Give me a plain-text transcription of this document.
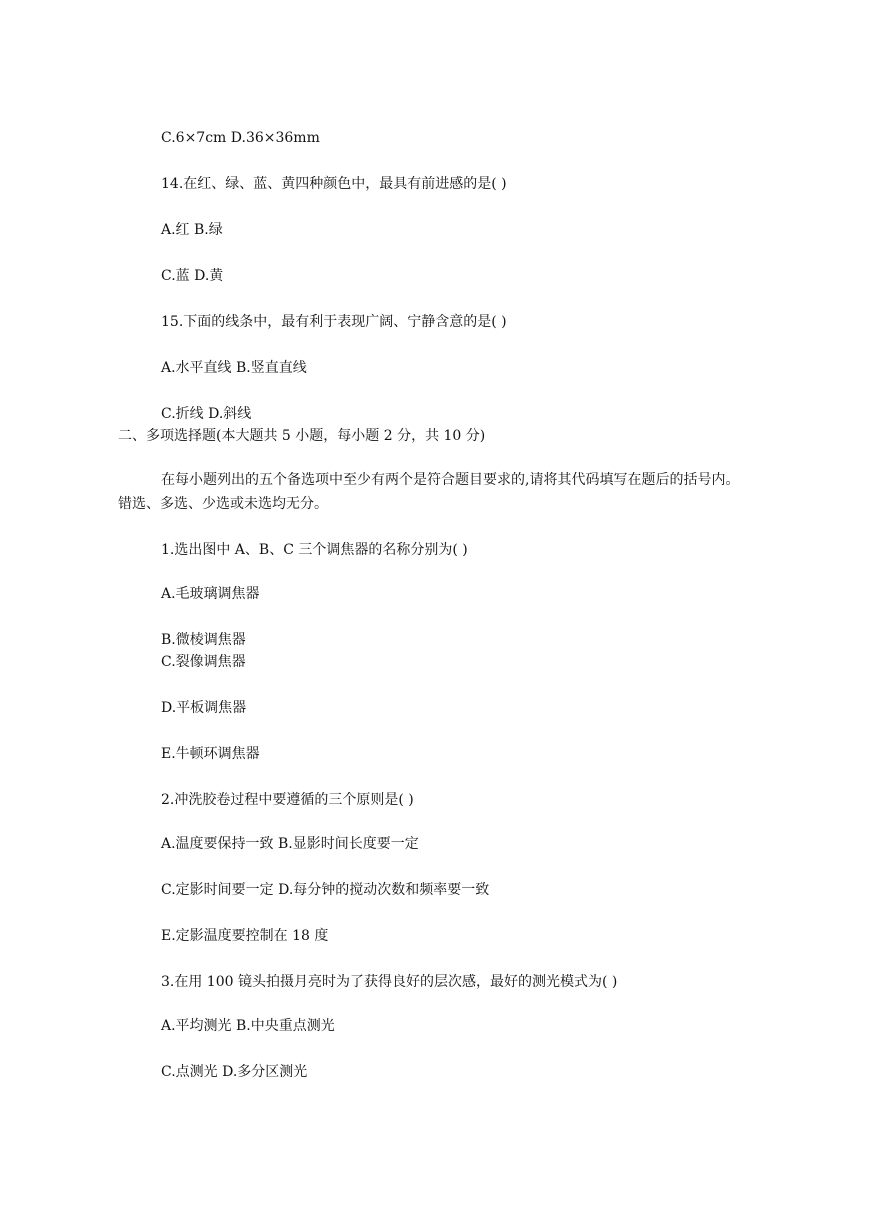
C.6×7cm D.36×36mm

14.在红、绿、蓝、黄四种颜色中，最具有前进感的是( )

A.红 B.绿

C.蓝 D.黄

15.下面的线条中，最有利于表现广阔、宁静含意的是( )

A.水平直线 B.竖直直线

C.折线 D.斜线

二、多项选择题(本大题共 5 小题，每小题 2 分，共 10 分)

在每小题列出的五个备选项中至少有两个是符合题目要求的,请将其代码填写在题后的括号内。错选、多选、少选或未选均无分。

1.选出图中 A、B、C 三个调焦器的名称分别为( )

A.毛玻璃调焦器

B.微棱调焦器

C.裂像调焦器

D.平板调焦器

E.牛顿环调焦器

2.冲洗胶卷过程中要遵循的三个原则是( )

A.温度要保持一致 B.显影时间长度要一定

C.定影时间要一定 D.每分钟的搅动次数和频率要一致

E.定影温度要控制在 18 度

3.在用 100 镜头拍摄月亮时为了获得良好的层次感，最好的测光模式为( )

A.平均测光 B.中央重点测光

C.点测光 D.多分区测光
